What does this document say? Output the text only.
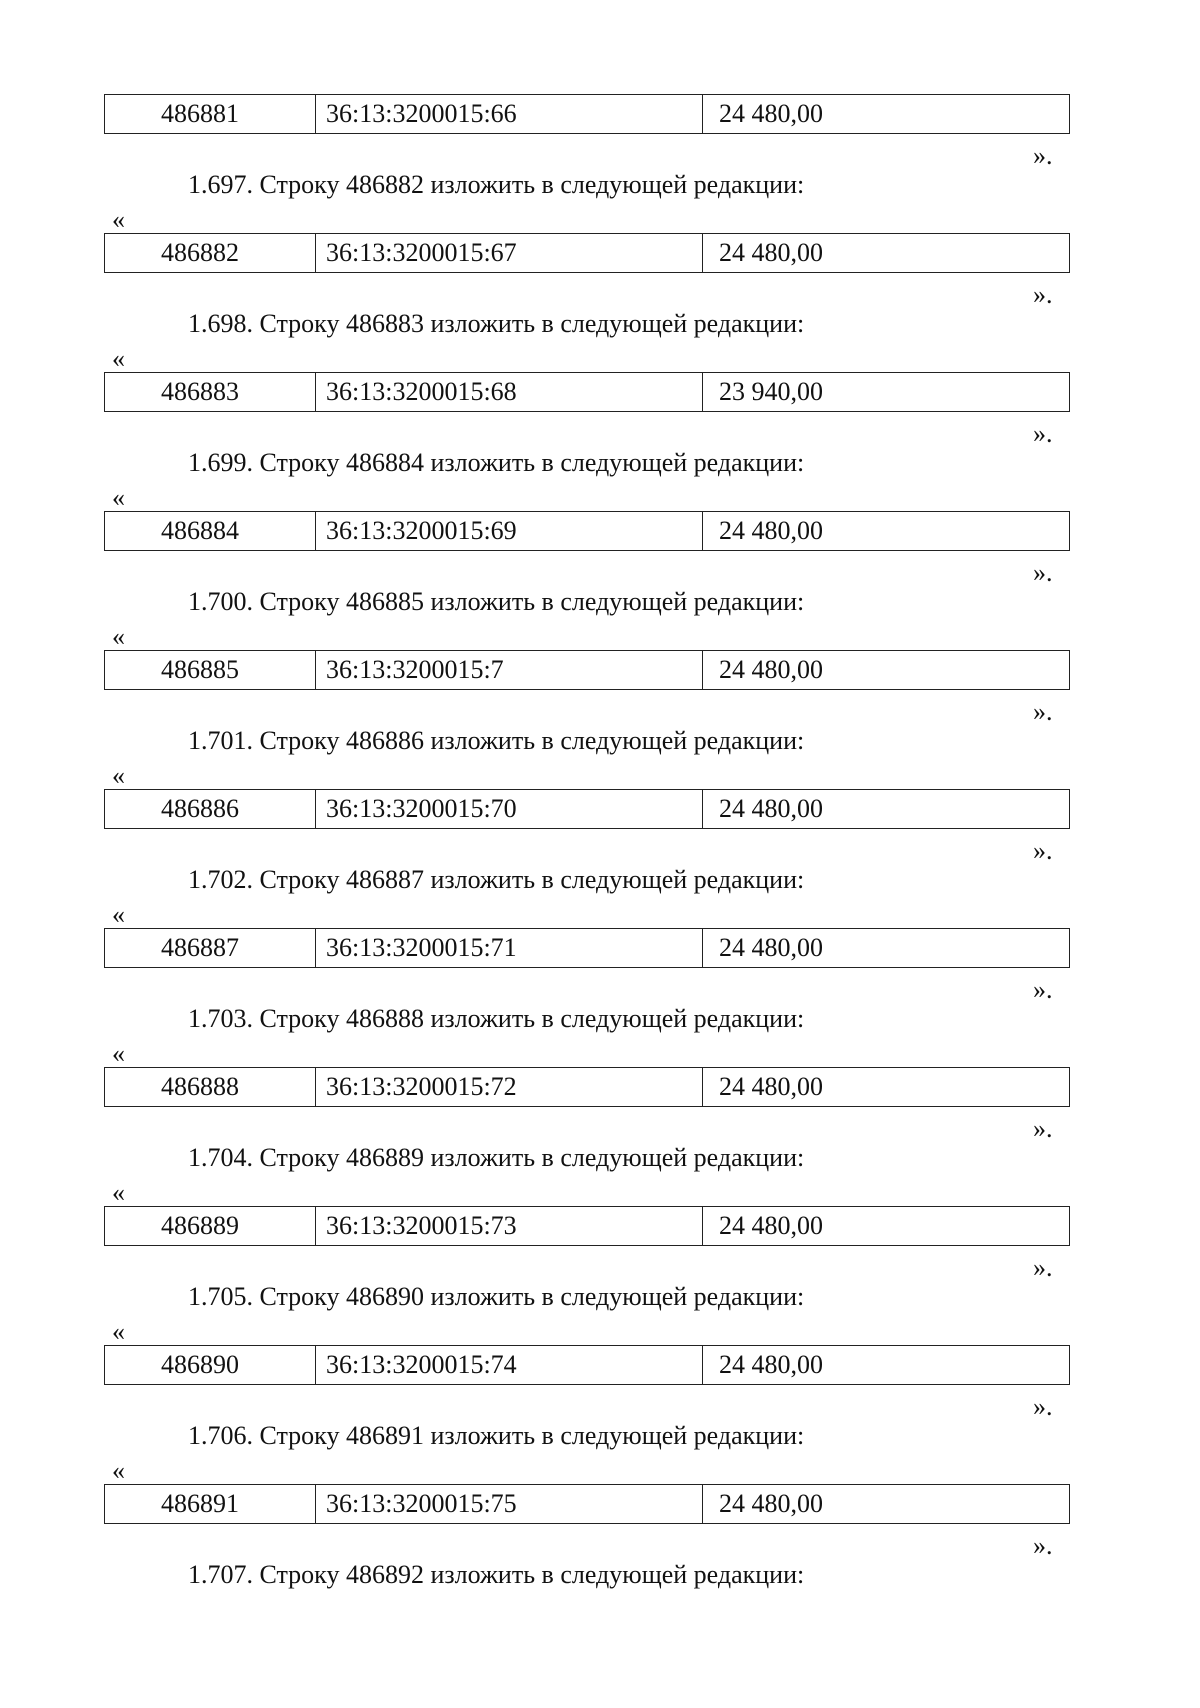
486881	36:13:3200015:66	24 480,00
».
1.697. Строку 486882 изложить в следующей редакции:
«
486882	36:13:3200015:67	24 480,00
».
1.698. Строку 486883 изложить в следующей редакции:
«
486883	36:13:3200015:68	23 940,00
».
1.699. Строку 486884 изложить в следующей редакции:
«
486884	36:13:3200015:69	24 480,00
».
1.700. Строку 486885 изложить в следующей редакции:
«
486885	36:13:3200015:7	24 480,00
».
1.701. Строку 486886 изложить в следующей редакции:
«
486886	36:13:3200015:70	24 480,00
».
1.702. Строку 486887 изложить в следующей редакции:
«
486887	36:13:3200015:71	24 480,00
».
1.703. Строку 486888 изложить в следующей редакции:
«
486888	36:13:3200015:72	24 480,00
».
1.704. Строку 486889 изложить в следующей редакции:
«
486889	36:13:3200015:73	24 480,00
».
1.705. Строку 486890 изложить в следующей редакции:
«
486890	36:13:3200015:74	24 480,00
».
1.706. Строку 486891 изложить в следующей редакции:
«
486891	36:13:3200015:75	24 480,00
».
1.707. Строку 486892 изложить в следующей редакции:
